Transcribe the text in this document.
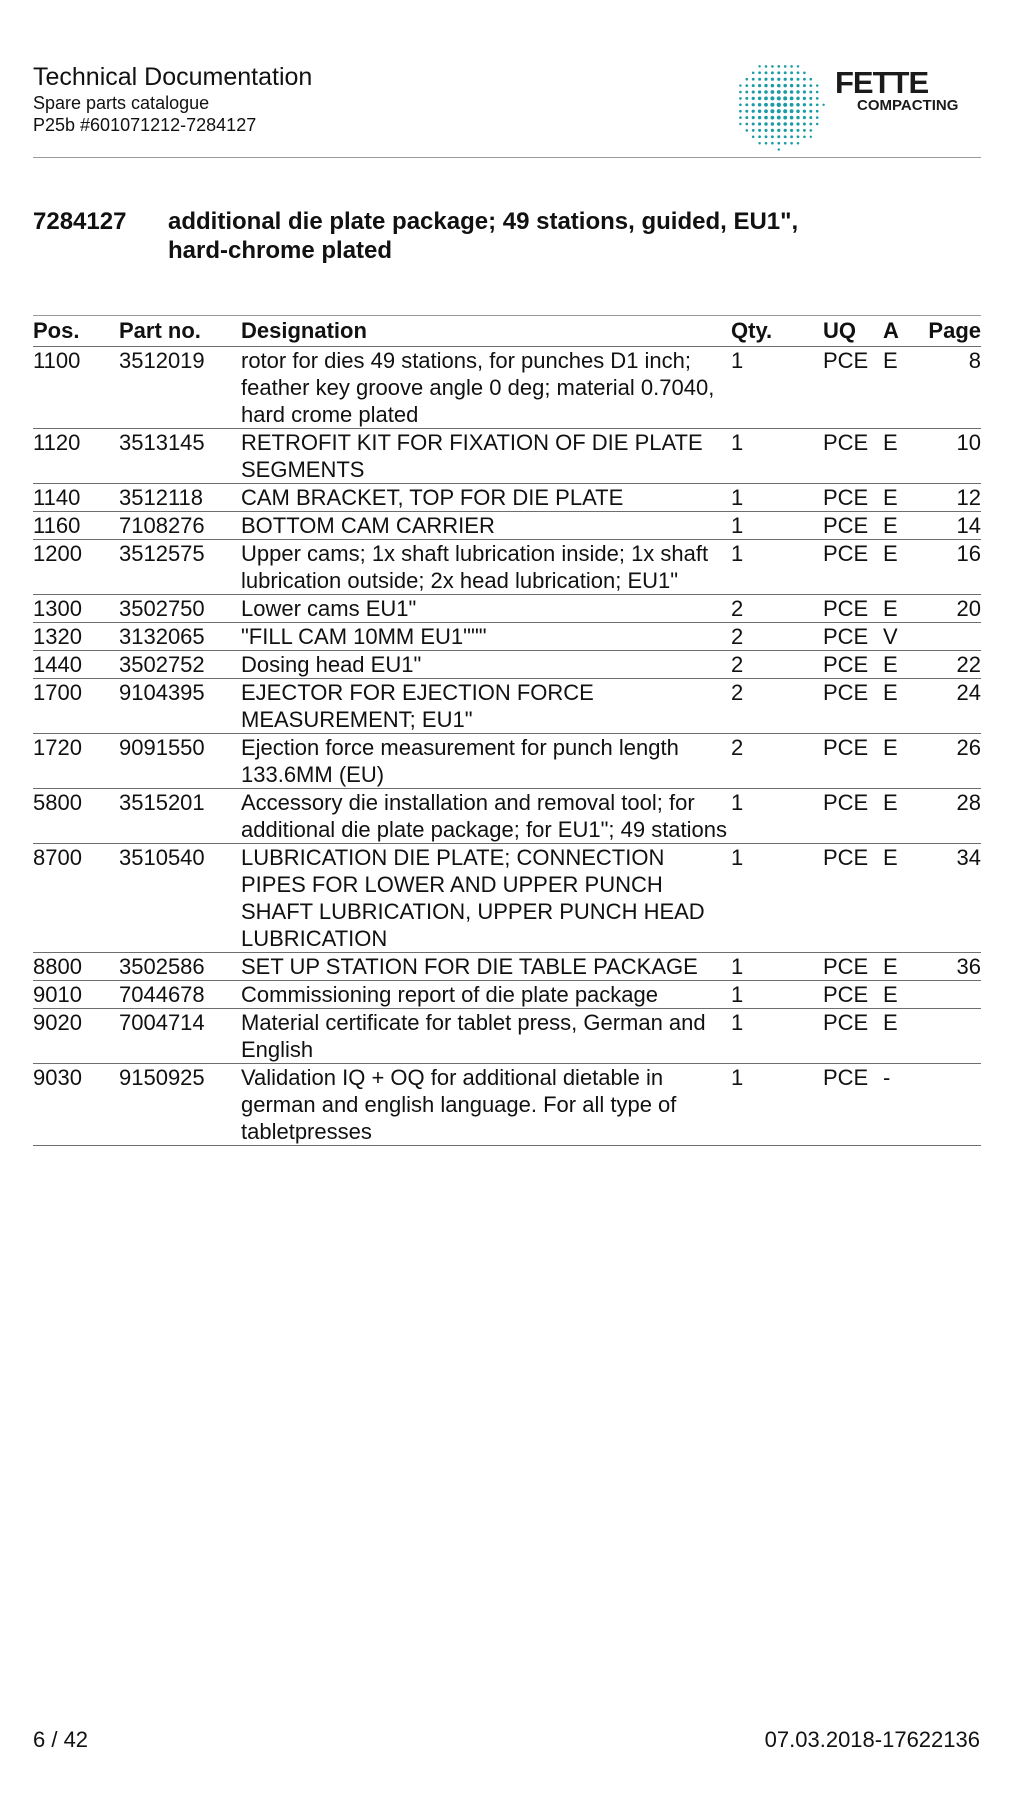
Technical Documentation
Spare parts catalogue
P25b #601071212-7284127
FETTE
COMPACTING
7284127 additional die plate package; 49 stations, guided, EU1",
hard-chrome plated
Pos.	Part no.	Designation	Qty.	UQ	A	Page
1100	3512019	rotor for dies 49 stations, for punches D1 inch; feather key groove angle 0 deg; material 0.7040, hard crome plated	1	PCE	E	8
1120	3513145	RETROFIT KIT FOR FIXATION OF DIE PLATE SEGMENTS	1	PCE	E	10
1140	3512118	CAM BRACKET, TOP FOR DIE PLATE	1	PCE	E	12
1160	7108276	BOTTOM CAM CARRIER	1	PCE	E	14
1200	3512575	Upper cams; 1x shaft lubrication inside; 1x shaft lubrication outside; 2x head lubrication; EU1"	1	PCE	E	16
1300	3502750	Lower cams EU1"	2	PCE	E	20
1320	3132065	"FILL CAM 10MM EU1"""	2	PCE	V	
1440	3502752	Dosing head EU1"	2	PCE	E	22
1700	9104395	EJECTOR FOR EJECTION FORCE MEASUREMENT; EU1"	2	PCE	E	24
1720	9091550	Ejection force measurement for punch length 133.6MM (EU)	2	PCE	E	26
5800	3515201	Accessory die installation and removal tool; for additional die plate package; for EU1"; 49 stations	1	PCE	E	28
8700	3510540	LUBRICATION DIE PLATE; CONNECTION PIPES FOR LOWER AND UPPER PUNCH SHAFT LUBRICATION, UPPER PUNCH HEAD LUBRICATION	1	PCE	E	34
8800	3502586	SET UP STATION FOR DIE TABLE PACKAGE	1	PCE	E	36
9010	7044678	Commissioning report of die plate package	1	PCE	E	
9020	7004714	Material certificate for tablet press, German and English	1	PCE	E	
9030	9150925	Validation IQ + OQ for additional dietable in german and english language. For all type of tabletpresses	1	PCE	-	
6 / 42	07.03.2018-17622136
